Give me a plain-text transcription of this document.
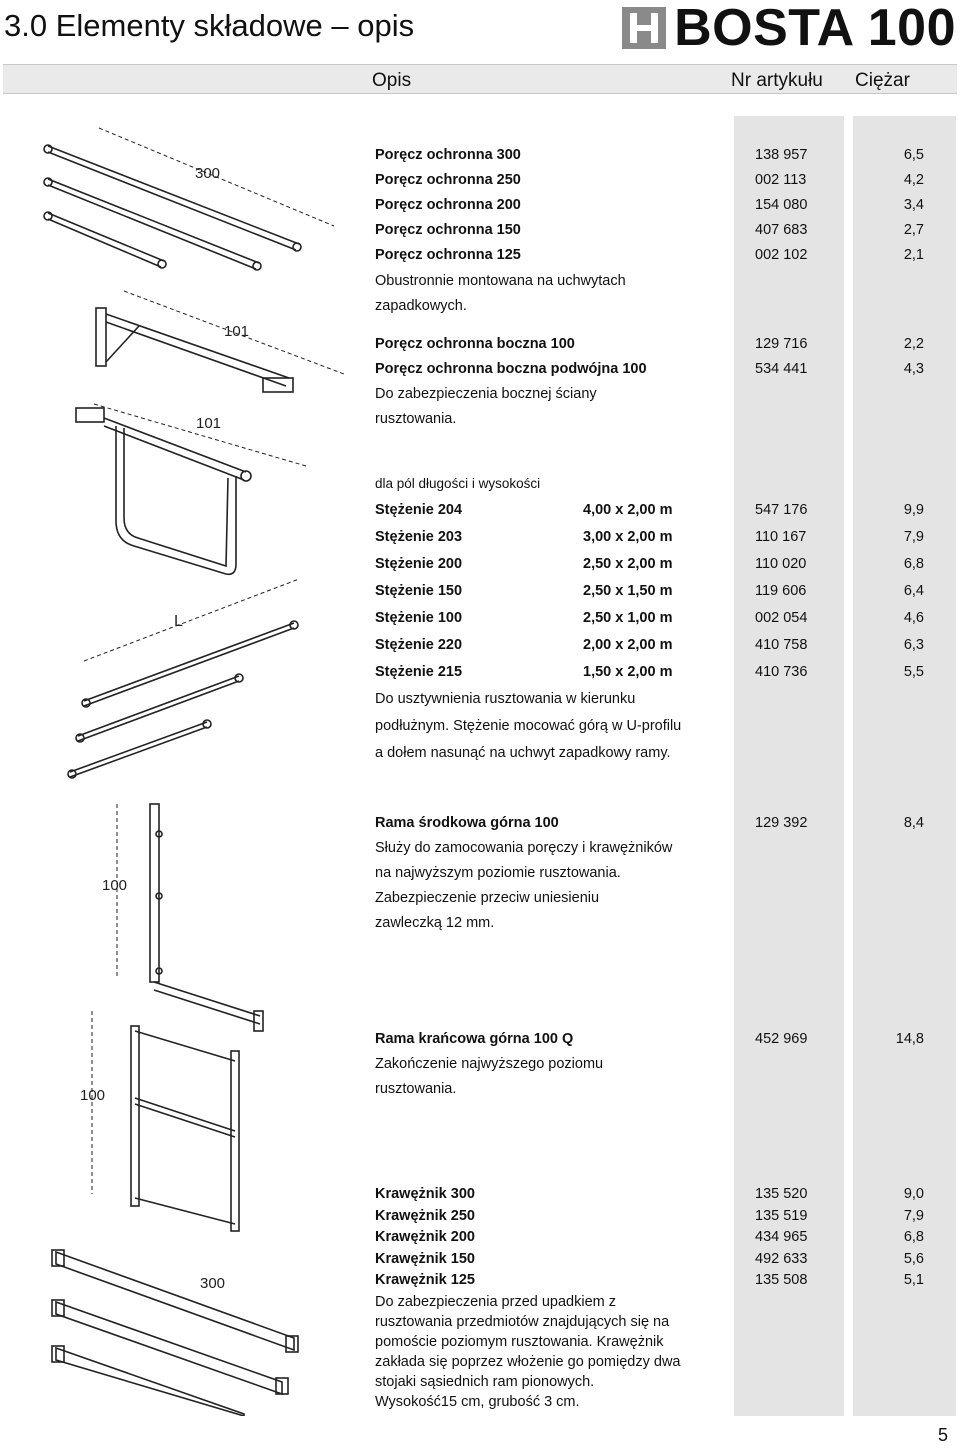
3.0 Elementy składowe – opis	BOSTA 100
Opis	Nr artykułu Ciężar
300
101
101
L
100
100
300
Obustronnie montowana na uchwytach
zapadkowych.
Do zabezpieczenia bocznej ściany
rusztowania.
dla pól długości i wysokości
Do usztywnienia rusztowania w kierunku
podłużnym. Stężenie mocować górą w U-profilu
a dołem nasunąć na uchwyt zapadkowy ramy.
Rama środkowa górna 100	129 392	8,4
Służy do zamocowania poręczy i krawężników
na najwyższym poziomie rusztowania.
Zabezpieczenie przeciw uniesieniu
zawleczką 12 mm.
Rama krańcowa górna 100 Q	452 969	14,8
Zakończenie najwyższego poziomu
rusztowania.
Do zabezpieczenia przed upadkiem z
rusztowania przedmiotów znajdujących się na
pomoście poziomym rusztowania. Krawężnik
zakłada się poprzez włożenie go pomiędzy dwa
stojaki sąsiednich ram pionowych.
Wysokość15 cm, grubość 3 cm.
5
Poręcz ochronna 300	138 957	6,5
Poręcz ochronna 250	002 113	4,2
Poręcz ochronna 200	154 080	3,4
Poręcz ochronna 150	407 683	2,7
Poręcz ochronna 125	002 102	2,1
Poręcz ochronna boczna 100	129 716	2,2
Poręcz ochronna boczna podwójna 100	534 441	4,3
Stężenie 204	4,00 x 2,00 m	547 176	9,9
Stężenie 203	3,00 x 2,00 m	110 167	7,9
Stężenie 200	2,50 x 2,00 m	110 020	6,8
Stężenie 150	2,50 x 1,50 m	119 606	6,4
Stężenie 100	2,50 x 1,00 m	002 054	4,6
Stężenie 220	2,00 x 2,00 m	410 758	6,3
Stężenie 215	1,50 x 2,00 m	410 736	5,5
Krawężnik 300	135 520	9,0
Krawężnik 250	135 519	7,9
Krawężnik 200	434 965	6,8
Krawężnik 150	492 633	5,6
Krawężnik 125	135 508	5,1
